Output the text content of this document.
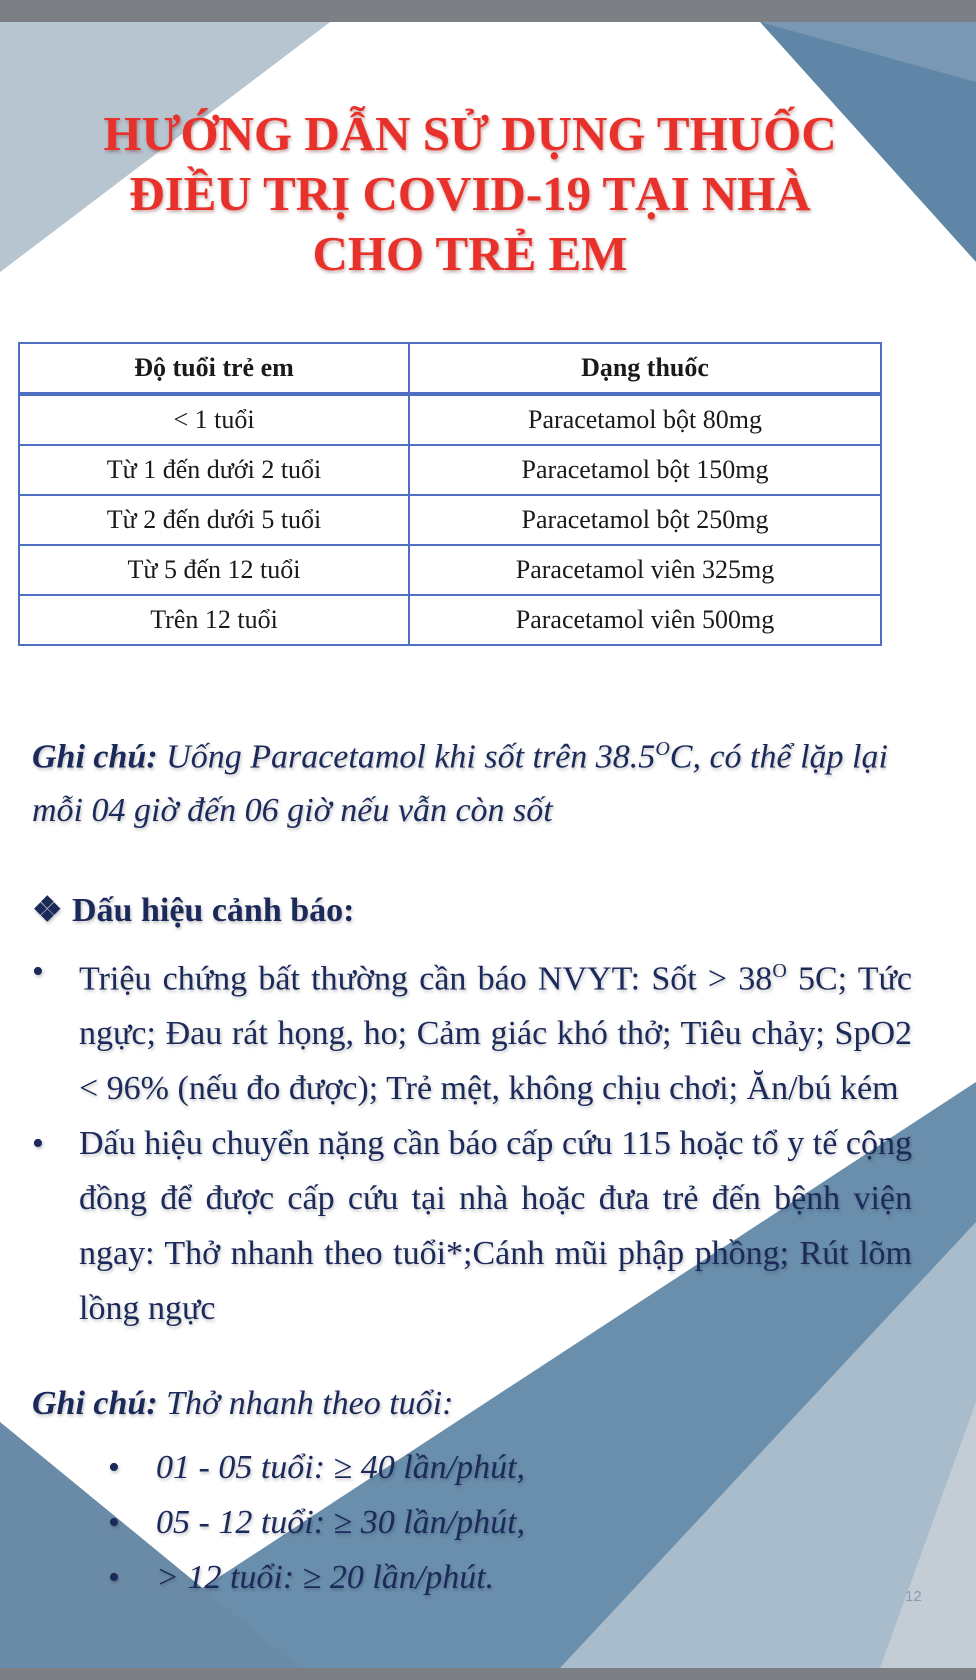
HƯỚNG DẪN SỬ DỤNG THUỐC
ĐIỀU TRỊ COVID-19 TẠI NHÀ
CHO TRẺ EM
Độ tuổi trẻ em	Dạng thuốc
< 1 tuổi	Paracetamol bột 80mg
Từ 1 đến dưới 2 tuổi	Paracetamol bột 150mg
Từ 2 đến dưới 5 tuổi	Paracetamol bột 250mg
Từ 5 đến 12 tuổi	Paracetamol viên 325mg
Trên 12 tuổi	Paracetamol viên 500mg
Ghi chú: Uống Paracetamol khi sốt trên $38.5^OC$, có thể lặp lại mỗi 04 giờ đến 06 giờ nếu vẫn còn sốt
❖ Dấu hiệu cảnh báo:
• Triệu chứng bất thường cần báo NVYT: Sốt > $38^O$ 5C; Tức ngực; Đau rát họng, ho; Cảm giác khó thở; Tiêu chảy; SpO2 < 96% (nếu đo được); Trẻ mệt, không chịu chơi; Ăn/bú kém
• Dấu hiệu chuyển nặng cần báo cấp cứu 115 hoặc tổ y tế cộng đồng để được cấp cứu tại nhà hoặc đưa trẻ đến bệnh viện ngay: Thở nhanh theo tuổi*;Cánh mũi phập phồng; Rút lõm lồng ngực
Ghi chú: Thở nhanh theo tuổi:
• 01 - 05 tuổi: ≥ 40 lần/phút,
• 05 - 12 tuổi: ≥ 30 lần/phút,
• > 12 tuổi: ≥ 20 lần/phút.
12
